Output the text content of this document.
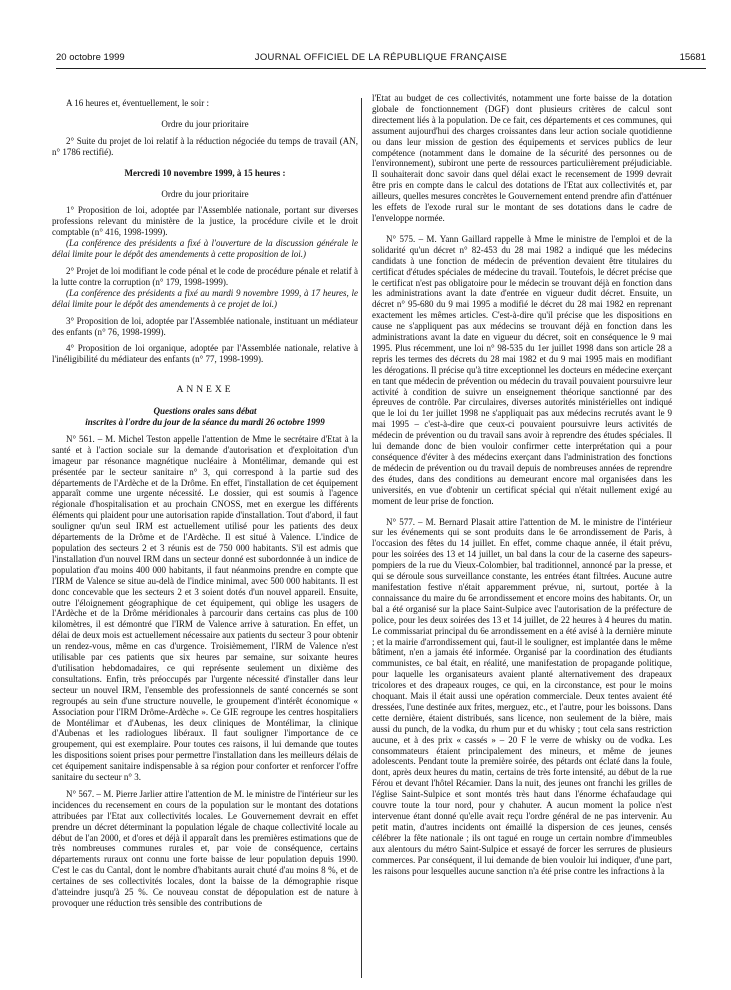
20 octobre 1999	JOURNAL OFFICIEL DE LA RÉPUBLIQUE FRANÇAISE	15681

A 16 heures et, éventuellement, le soir :

Ordre du jour prioritaire

2° Suite du projet de loi relatif à la réduction négociée du temps de travail (AN, n° 1786 rectifié).

Mercredi 10 novembre 1999, à 15 heures :

Ordre du jour prioritaire

1° Proposition de loi, adoptée par l'Assemblée nationale, portant sur diverses professions relevant du ministère de la justice, la procédure civile et le droit comptable (n° 416, 1998-1999).

(La conférence des présidents a fixé à l'ouverture de la discussion générale le délai limite pour le dépôt des amendements à cette proposition de loi.)

2° Projet de loi modifiant le code pénal et le code de procédure pénale et relatif à la lutte contre la corruption (n° 179, 1998-1999).

(La conférence des présidents a fixé au mardi 9 novembre 1999, à 17 heures, le délai limite pour le dépôt des amendements à ce projet de loi.)

3° Proposition de loi, adoptée par l'Assemblée nationale, instituant un médiateur des enfants (n° 76, 1998-1999).

4° Proposition de loi organique, adoptée par l'Assemblée nationale, relative à l'inéligibilité du médiateur des enfants (n° 77, 1998-1999).

ANNEXE

Questions orales sans débat

inscrites à l'ordre du jour de la séance du mardi 26 octobre 1999

N° 561. – M. Michel Teston appelle l'attention de Mme le secrétaire d'Etat à la santé et à l'action sociale sur la demande d'autorisation et d'exploitation d'un imageur par résonance magnétique nucléaire à Montélimar, demande qui est présentée par le secteur sanitaire n° 3, qui correspond à la partie sud des départements de l'Ardèche et de la Drôme. En effet, l'installation de cet équipement apparaît comme une urgente nécessité. Le dossier, qui est soumis à l'agence régionale d'hospitalisation et au prochain CNOSS, met en exergue les différents éléments qui plaident pour une autorisation rapide d'installation. Tout d'abord, il faut souligner qu'un seul IRM est actuellement utilisé pour les patients des deux départements de la Drôme et de l'Ardèche. Il est situé à Valence. L'indice de population des secteurs 2 et 3 réunis est de 750 000 habitants. S'il est admis que l'installation d'un nouvel IRM dans un secteur donné est subordonnée à un indice de population d'au moins 400 000 habitants, il faut néanmoins prendre en compte que l'IRM de Valence se situe au-delà de l'indice minimal, avec 500 000 habitants. Il est donc concevable que les secteurs 2 et 3 soient dotés d'un nouvel appareil. Ensuite, outre l'éloignement géographique de cet équipement, qui oblige les usagers de l'Ardèche et de la Drôme méridionales à parcourir dans certains cas plus de 100 kilomètres, il est démontré que l'IRM de Valence arrive à saturation. En effet, un délai de deux mois est actuellement nécessaire aux patients du secteur 3 pour obtenir un rendez-vous, même en cas d'urgence. Troisièmement, l'IRM de Valence n'est utilisable par ces patients que six heures par semaine, sur soixante heures d'utilisation hebdomadaires, ce qui représente seulement un dixième des consultations. Enfin, très préoccupés par l'urgente nécessité d'installer dans leur secteur un nouvel IRM, l'ensemble des professionnels de santé concernés se sont regroupés au sein d'une structure nouvelle, le groupement d'intérêt économique « Association pour l'IRM Drôme-Ardèche ». Ce GIE regroupe les centres hospitaliers de Montélimar et d'Aubenas, les deux cliniques de Montélimar, la clinique d'Aubenas et les radiologues libéraux. Il faut souligner l'importance de ce groupement, qui est exemplaire. Pour toutes ces raisons, il lui demande que toutes les dispositions soient prises pour permettre l'installation dans les meilleurs délais de cet équipement sanitaire indispensable à sa région pour conforter et renforcer l'offre sanitaire du secteur n° 3.

N° 567. – M. Pierre Jarlier attire l'attention de M. le ministre de l'intérieur sur les incidences du recensement en cours de la population sur le montant des dotations attribuées par l'Etat aux collectivités locales. Le Gouvernement devrait en effet prendre un décret déterminant la population légale de chaque collectivité locale au début de l'an 2000, et d'ores et déjà il apparaît dans les premières estimations que de très nombreuses communes rurales et, par voie de conséquence, certains départements ruraux ont connu une forte baisse de leur population depuis 1990. C'est le cas du Cantal, dont le nombre d'habitants aurait chuté d'au moins 8 %, et de certaines de ses collectivités locales, dont la baisse de la démographie risque d'atteindre jusqu'à 25 %. Ce nouveau constat de dépopulation est de nature à provoquer une réduction très sensible des contributions de

l'Etat au budget de ces collectivités, notamment une forte baisse de la dotation globale de fonctionnement (DGF) dont plusieurs critères de calcul sont directement liés à la population. De ce fait, ces départements et ces communes, qui assument aujourd'hui des charges croissantes dans leur action sociale quotidienne ou dans leur mission de gestion des équipements et services publics de leur compétence (notamment dans le domaine de la sécurité des personnes ou de l'environnement), subiront une perte de ressources particulièrement préjudiciable. Il souhaiterait donc savoir dans quel délai exact le recensement de 1999 devrait être pris en compte dans le calcul des dotations de l'Etat aux collectivités et, par ailleurs, quelles mesures concrètes le Gouvernement entend prendre afin d'atténuer les effets de l'exode rural sur le montant de ses dotations dans le cadre de l'enveloppe normée.

N° 575. – M. Yann Gaillard rappelle à Mme le ministre de l'emploi et de la solidarité qu'un décret n° 82-453 du 28 mai 1982 a indiqué que les médecins candidats à une fonction de médecin de prévention devaient être titulaires du certificat d'études spéciales de médecine du travail. Toutefois, le décret précise que le certificat n'est pas obligatoire pour le médecin se trouvant déjà en fonction dans les administrations avant la date d'entrée en vigueur dudit décret. Ensuite, un décret n° 95-680 du 9 mai 1995 a modifié le décret du 28 mai 1982 en reprenant exactement les mêmes articles. C'est-à-dire qu'il précise que les dispositions en cause ne s'appliquent pas aux médecins se trouvant déjà en fonction dans les administrations avant la date en vigueur du décret, soit en conséquence le 9 mai 1995. Plus récemment, une loi n° 98-535 du 1er juillet 1998 dans son article 28 a repris les termes des décrets du 28 mai 1982 et du 9 mai 1995 mais en modifiant les dérogations. Il précise qu'à titre exceptionnel les docteurs en médecine exerçant en tant que médecin de prévention ou médecin du travail pouvaient poursuivre leur activité à condition de suivre un enseignement théorique sanctionné par des épreuves de contrôle. Par circulaires, diverses autorités ministérielles ont indiqué que le loi du 1er juillet 1998 ne s'appliquait pas aux médecins recrutés avant le 9 mai 1995 – c'est-à-dire que ceux-ci pouvaient poursuivre leurs activités de médecin de prévention ou du travail sans avoir à reprendre des études spéciales. Il lui demande donc de bien vouloir confirmer cette interprétation qui a pour conséquence d'éviter à des médecins exerçant dans l'administration des fonctions de médecin de prévention ou du travail depuis de nombreuses années de reprendre des études, dans des conditions au demeurant encore mal organisées dans les universités, en vue d'obtenir un certificat spécial qui n'était nullement exigé au moment de leur prise de fonction.

N° 577. – M. Bernard Plasait attire l'attention de M. le ministre de l'intérieur sur les événements qui se sont produits dans le 6e arrondissement de Paris, à l'occasion des fêtes du 14 juillet. En effet, comme chaque année, il était prévu, pour les soirées des 13 et 14 juillet, un bal dans la cour de la caserne des sapeurs-pompiers de la rue du Vieux-Colombier, bal traditionnel, annoncé par la presse, et qui se déroule sous surveillance constante, les entrées étant filtrées. Aucune autre manifestation festive n'était apparemment prévue, ni, surtout, portée à la connaissance du maire du 6e arrondissement et encore moins des habitants. Or, un bal a été organisé sur la place Saint-Sulpice avec l'autorisation de la préfecture de police, pour les deux soirées des 13 et 14 juillet, de 22 heures à 4 heures du matin. Le commissariat principal du 6e arrondissement en a été avisé à la dernière minute ; et la mairie d'arrondissement qui, faut-il le souligner, est implantée dans le même bâtiment, n'en a jamais été informée. Organisé par la coordination des étudiants communistes, ce bal était, en réalité, une manifestation de propagande politique, pour laquelle les organisateurs avaient planté alternativement des drapeaux tricolores et des drapeaux rouges, ce qui, en la circonstance, est pour le moins choquant. Mais il était aussi une opération commerciale. Deux tentes avaient été dressées, l'une destinée aux frites, merguez, etc., et l'autre, pour les boissons. Dans cette dernière, étaient distribués, sans licence, non seulement de la bière, mais aussi du punch, de la vodka, du rhum pur et du whisky ; tout cela sans restriction aucune, et à des prix « cassés » – 20 F le verre de whisky ou de vodka. Les consommateurs étaient principalement des mineurs, et même de jeunes adolescents. Pendant toute la première soirée, des pétards ont éclaté dans la foule, dont, après deux heures du matin, certains de très forte intensité, au début de la rue Férou et devant l'hôtel Récamier. Dans la nuit, des jeunes ont franchi les grilles de l'église Saint-Sulpice et sont montés très haut dans l'énorme échafaudage qui couvre toute la tour nord, pour y chahuter. A aucun moment la police n'est intervenue étant donné qu'elle avait reçu l'ordre général de ne pas intervenir. Au petit matin, d'autres incidents ont émaillé la dispersion de ces jeunes, censés célébrer la fête nationale ; ils ont tagué en rouge un certain nombre d'immeubles aux alentours du métro Saint-Sulpice et essayé de forcer les serrures de plusieurs commerces. Par conséquent, il lui demande de bien vouloir lui indiquer, d'une part, les raisons pour lesquelles aucune sanction n'a été prise contre les infractions à la
